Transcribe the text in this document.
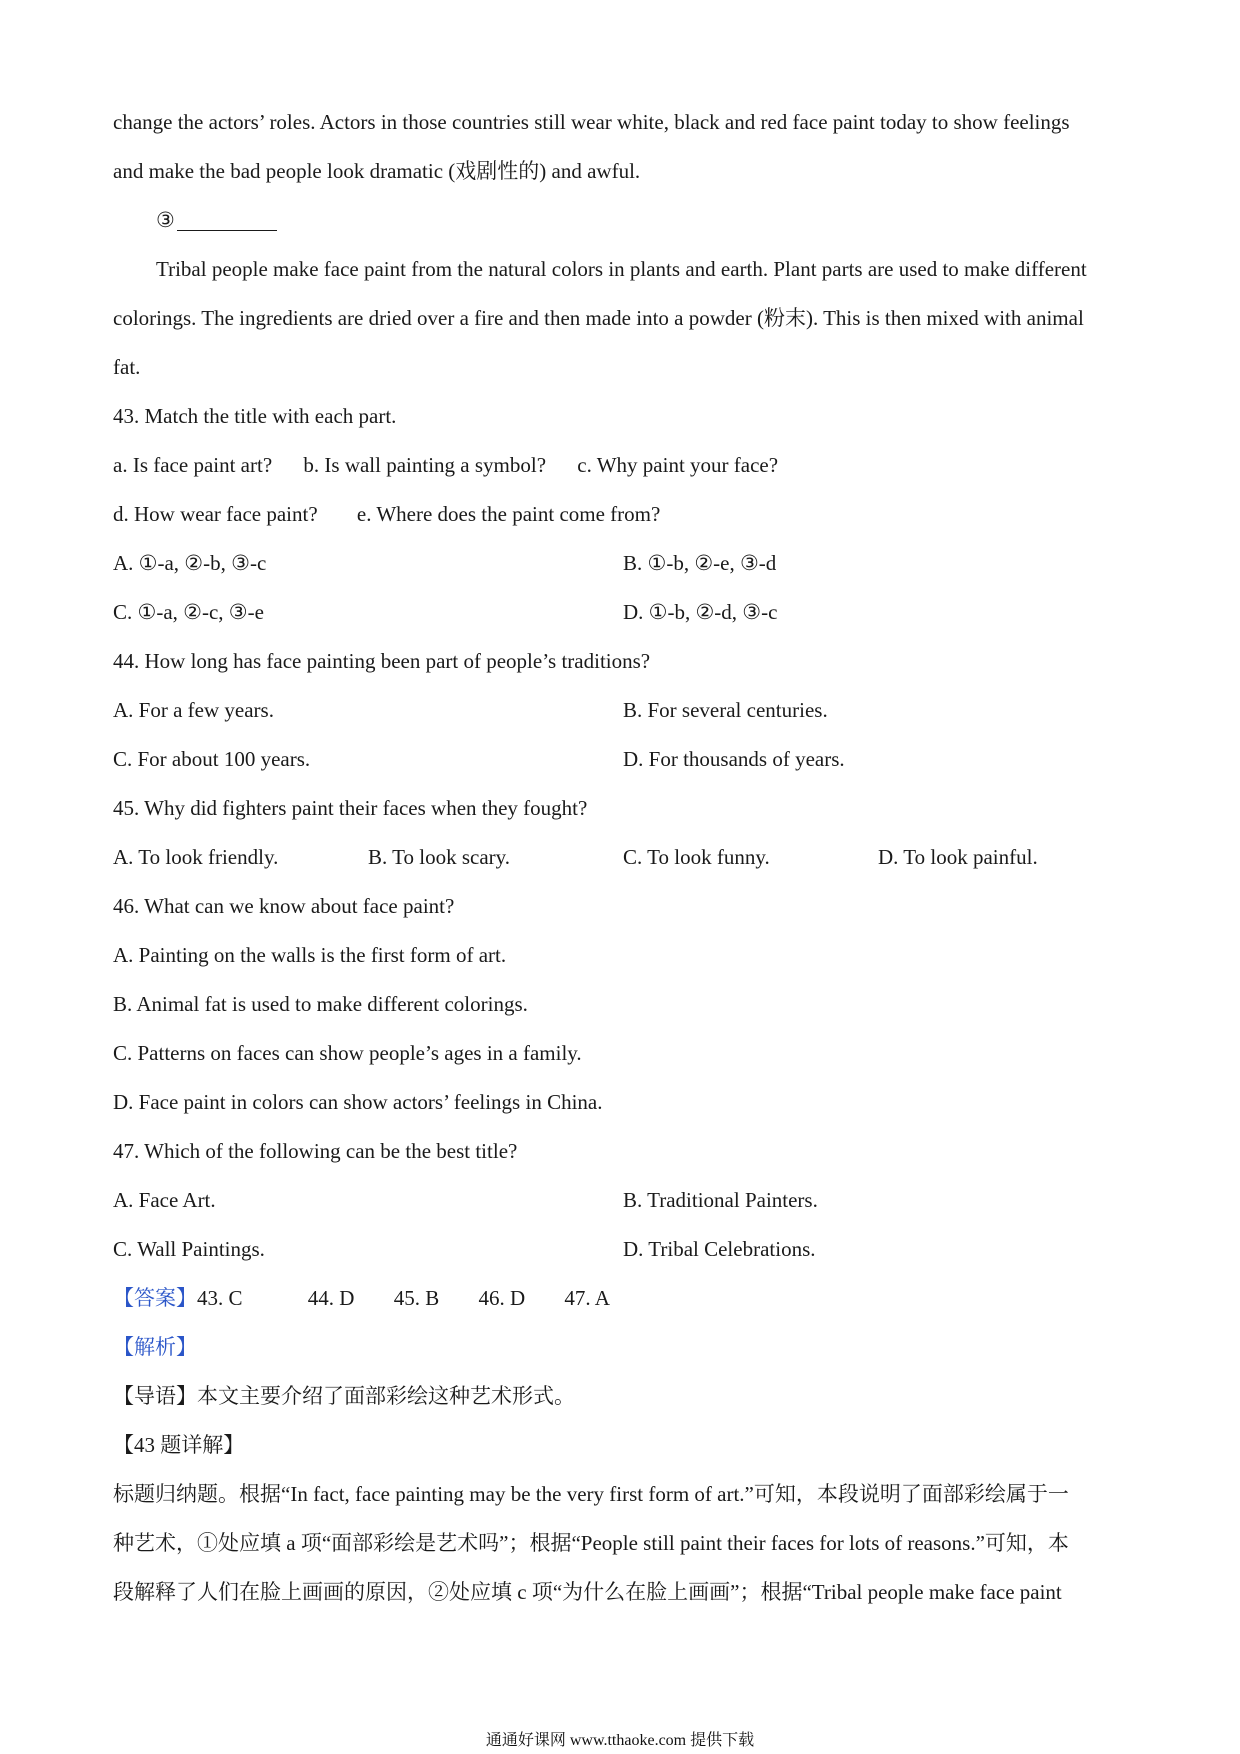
change the actors’ roles. Actors in those countries still wear white, black and red face paint today to show feelings
and make the bad people look dramatic (戏剧性的) and awful.
③
Tribal people make face paint from the natural colors in plants and earth. Plant parts are used to make different
colorings. The ingredients are dried over a fire and then made into a powder (粉末). This is then mixed with animal
fat.
43. Match the title with each part.
a. Is face paint art? b. Is wall painting a symbol? c. Why paint your face?
d. How wear face paint? e. Where does the paint come from?
A. ①-a, ②-b, ③-c	B. ①-b, ②-e, ③-d
C. ①-a, ②-c, ③-e	D. ①-b, ②-d, ③-c
44. How long has face painting been part of people’s traditions?
A. For a few years.	B. For several centuries.
C. For about 100 years.	D. For thousands of years.
45. Why did fighters paint their faces when they fought?
A. To look friendly.	B. To look scary.	C. To look funny.	D. To look painful.
46. What can we know about face paint?
A. Painting on the walls is the first form of art.
B. Animal fat is used to make different colorings.
C. Patterns on faces can show people’s ages in a family.
D. Face paint in colors can show actors’ feelings in China.
47. Which of the following can be the best title?
A. Face Art.	B. Traditional Painters.
C. Wall Paintings.	D. Tribal Celebrations.
【答案】43. C	44. D 45. B 46. D 47. A
【解析】
【导语】本文主要介绍了面部彩绘这种艺术形式。
【43 题详解】
标题归纳题。根据“In fact, face painting may be the very first form of art.”可知，本段说明了面部彩绘属于一
种艺术，①处应填 a 项“面部彩绘是艺术吗”；根据“People still paint their faces for lots of reasons.”可知，本
段解释了人们在脸上画画的原因，②处应填 c 项“为什么在脸上画画”；根据“Tribal people make face paint
通通好课网 www.tthaoke.com 提供下载
